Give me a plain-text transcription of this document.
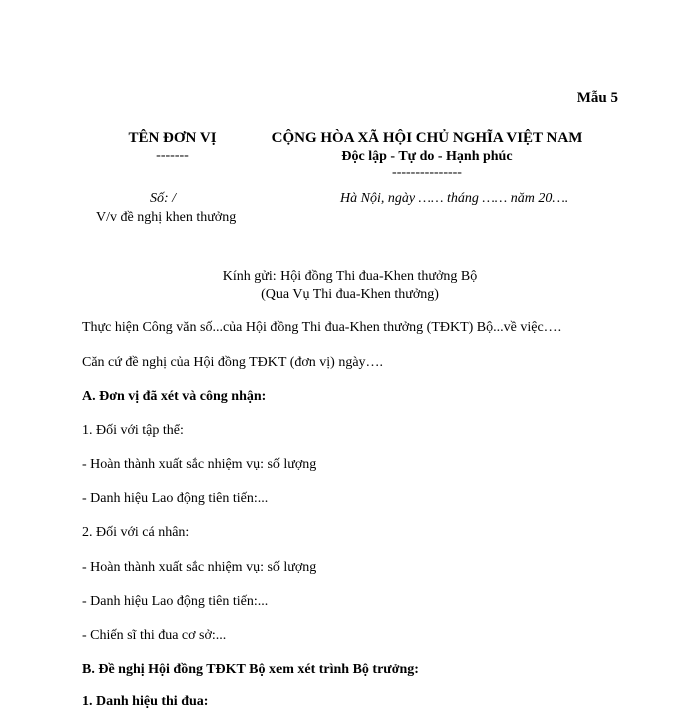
Mẫu 5
TÊN ĐƠN VỊ
-------
Số: /
V/v đề nghị khen thưởng
CỘNG HÒA XÃ HỘI CHỦ NGHĨA VIỆT NAM
Độc lập - Tự do - Hạnh phúc
---------------
Hà Nội, ngày …… tháng …… năm 20….
Kính gửi: Hội đồng Thi đua-Khen thưởng Bộ
(Qua Vụ Thi đua-Khen thưởng)
Thực hiện Công văn số...của Hội đồng Thi đua-Khen thưởng (TĐKT) Bộ...về việc….
Căn cứ đề nghị của Hội đồng TĐKT (đơn vị) ngày….
A. Đơn vị đã xét và công nhận:
1. Đối với tập thể:
- Hoàn thành xuất sắc nhiệm vụ: số lượng
- Danh hiệu Lao động tiên tiến:...
2. Đối với cá nhân:
- Hoàn thành xuất sắc nhiệm vụ: số lượng
- Danh hiệu Lao động tiên tiến:...
- Chiến sĩ thi đua cơ sở:...
B. Đề nghị Hội đồng TĐKT Bộ xem xét trình Bộ trưởng:
1. Danh hiệu thi đua:
